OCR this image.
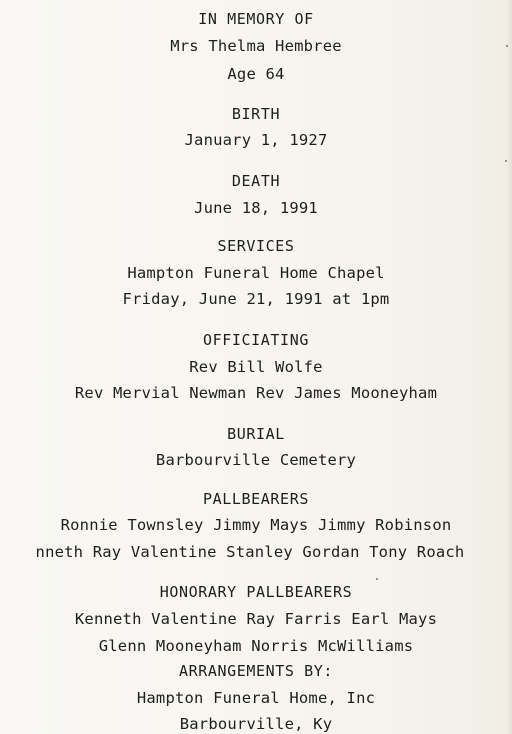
IN MEMORY OF
Mrs Thelma Hembree
Age 64
BIRTH
January 1, 1927
DEATH
June 18, 1991
SERVICES
Hampton Funeral Home Chapel
Friday, June 21, 1991 at 1pm
OFFICIATING
Rev Bill Wolfe
Rev Mervial Newman Rev James Mooneyham
BURIAL
Barbourville Cemetery
PALLBEARERS
Ronnie Townsley Jimmy Mays Jimmy Robinson
nneth Ray Valentine Stanley Gordan Tony Roach
HONORARY PALLBEARERS
Kenneth Valentine Ray Farris Earl Mays
Glenn Mooneyham Norris McWilliams
ARRANGEMENTS BY:
Hampton Funeral Home, Inc
Barbourville, Ky
